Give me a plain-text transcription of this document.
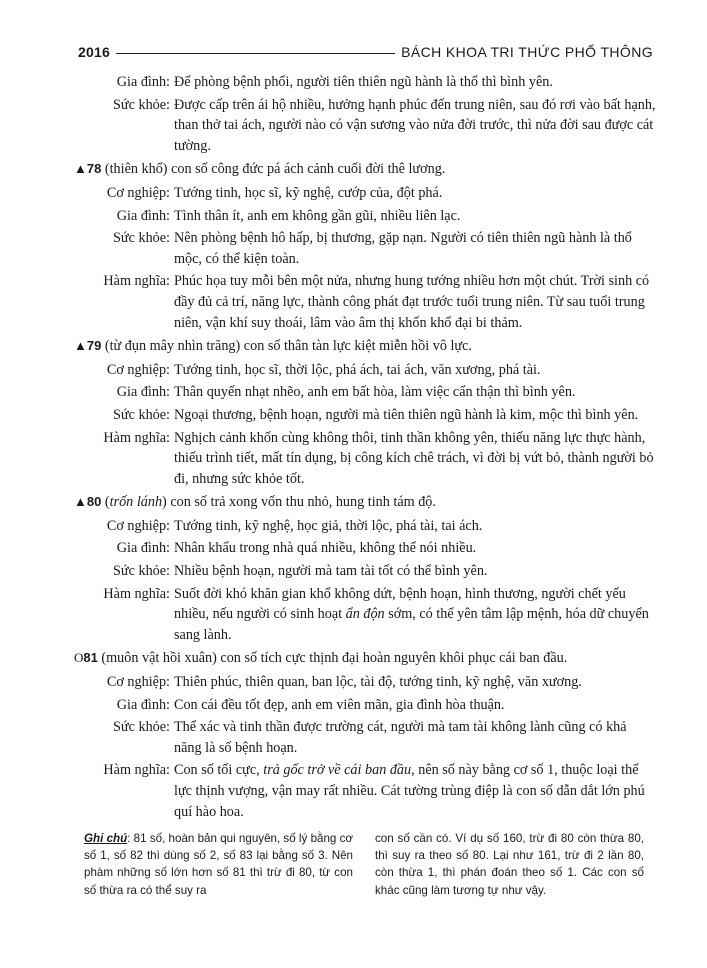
2016	BÁCH KHOA TRI THỨC PHỔ THÔNG
Gia đình: Để phòng bệnh phổi, người tiên thiên ngũ hành là thổ thì bình yên.
Sức khỏe: Được cấp trên ái hộ nhiều, hưởng hạnh phúc đến trung niên, sau đó rơi vào bất hạnh, than thở tai ách, người nào có vận sương vào nửa đời trước, thì nửa đời sau được cát tường.
▲78 (thiên khổ) con số công đức pá ách cảnh cuối đời thê lương.
Cơ nghiệp: Tướng tinh, học sĩ, kỹ nghệ, cướp của, đột phá.
Gia đình: Tình thân ít, anh em không gần gũi, nhiều liên lạc.
Sức khỏe: Nên phòng bệnh hô hấp, bị thương, gặp nạn. Người có tiên thiên ngũ hành là thổ mộc, có thể kiện toàn.
Hàm nghĩa: Phúc họa tuy mỗi bên một nửa, nhưng hung tướng nhiều hơn một chút. Trời sinh có đầy đủ cả trí, năng lực, thành công phát đạt trước tuổi trung niên. Từ sau tuổi trung niên, vận khí suy thoái, lâm vào âm thị khốn khổ đại bi thảm.
▲79 (từ đụn mây nhìn trăng) con số thân tàn lực kiệt miễn hồi vô lực.
Cơ nghiệp: Tướng tinh, học sĩ, thời lộc, phá ách, tai ách, văn xương, phá tài.
Gia đình: Thân quyến nhạt nhẽo, anh em bất hòa, làm việc cẩn thận thì bình yên.
Sức khỏe: Ngoại thương, bệnh hoạn, người mà tiên thiên ngũ hành là kim, mộc thì bình yên.
Hàm nghĩa: Nghịch cảnh khốn cùng không thôi, tinh thần không yên, thiếu năng lực thực hành, thiếu trình tiết, mất tín dụng, bị công kích chê trách, vì đời bị vứt bỏ, thành người bỏ đi, nhưng sức khỏe tốt.
▲80 (trốn lánh) con số trả xong vốn thu nhỏ, hung tinh tám độ.
Cơ nghiệp: Tướng tinh, kỹ nghệ, học giả, thời lộc, phá tài, tai ách.
Gia đình: Nhân khẩu trong nhà quá nhiều, không thể nói nhiều.
Sức khỏe: Nhiều bệnh hoạn, người mà tam tài tốt có thể bình yên.
Hàm nghĩa: Suốt đời khó khăn gian khổ không dứt, bệnh hoạn, hình thương, người chết yểu nhiều, nếu người có sinh hoạt ẩn độn sớm, có thể yên tâm lập mệnh, hóa dữ chuyển sang lành.
O81 (muôn vật hồi xuân) con số tích cực thịnh đại hoàn nguyên khôi phục cái ban đầu.
Cơ nghiệp: Thiên phúc, thiên quan, ban lộc, tài độ, tướng tinh, kỹ nghệ, văn xương.
Gia đình: Con cái đều tốt đẹp, anh em viên mãn, gia đình hòa thuận.
Sức khỏe: Thể xác và tinh thần được trường cát, người mà tam tài không lành cũng có khả năng là số bệnh hoạn.
Hàm nghĩa: Con số tối cực, trả gốc trở về cái ban đầu, nên số này bằng cơ số 1, thuộc loại thể lực thịnh vượng, vận may rất nhiều. Cát tường trùng điệp là con số dẫn dắt lớn phú quí hào hoa.
Ghi chú: 81 số, hoàn bản qui nguyên, số lý bằng cơ số 1, số 82 thì dùng số 2, số 83 lại bằng số 3. Nên phàm những số lớn hơn số 81 thì trừ đi 80, từ con số thừa ra có thể suy ra
con số cần có. Ví dụ số 160, trừ đi 80 còn thừa 80, thì suy ra theo số 80. Lại như 161, trừ đi 2 lần 80, còn thừa 1, thì phán đoán theo số 1. Các con số khác cũng làm tương tự như vậy.
